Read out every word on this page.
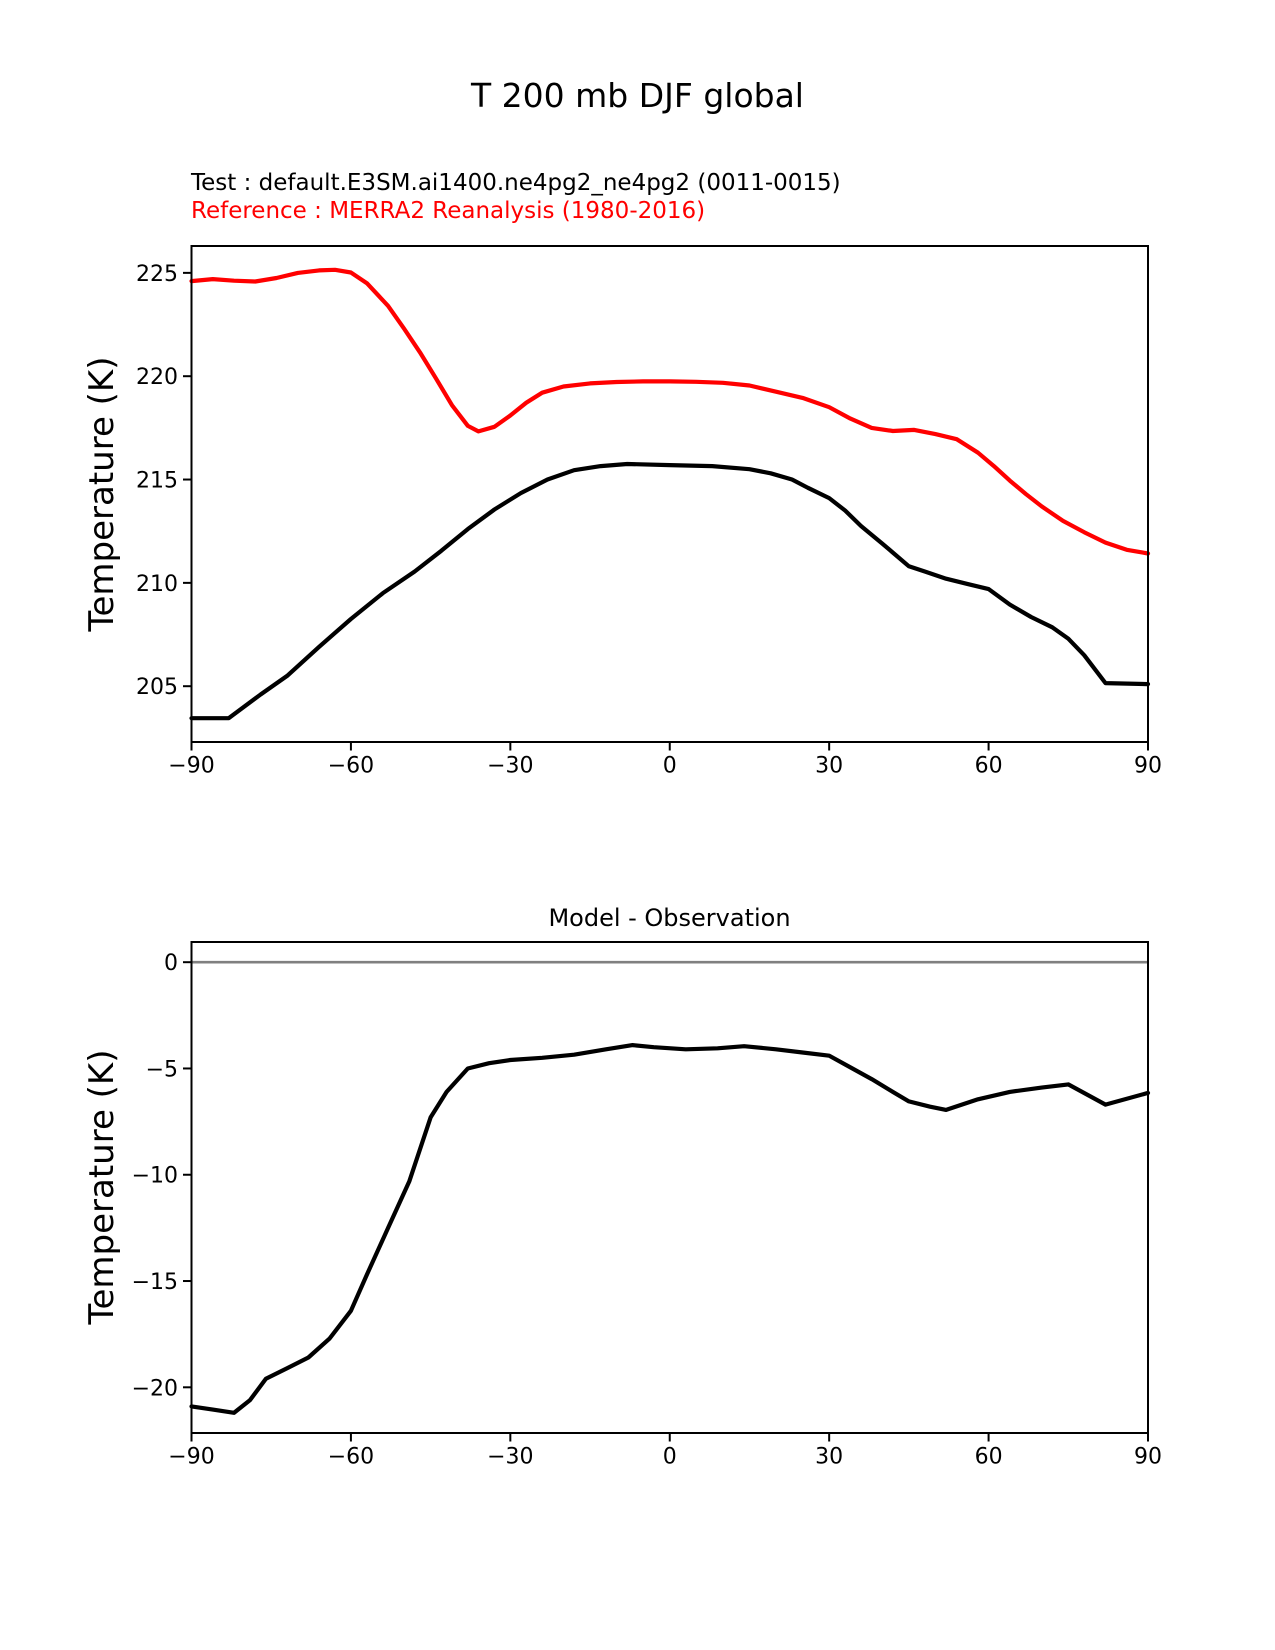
T 200 mb DJF global
Test : default.E3SM.ai1400.ne4pg2_ne4pg2 (0011-0015)
Reference : MERRA2 Reanalysis (1980-2016)
Temperature (K)
Temperature (K)
Model - Observation
−90	−60	−30	0	30	60	90
205
210
215
220
225
−90	−60	−30	0	30	60	90
0
−5
−10
−15
−20
